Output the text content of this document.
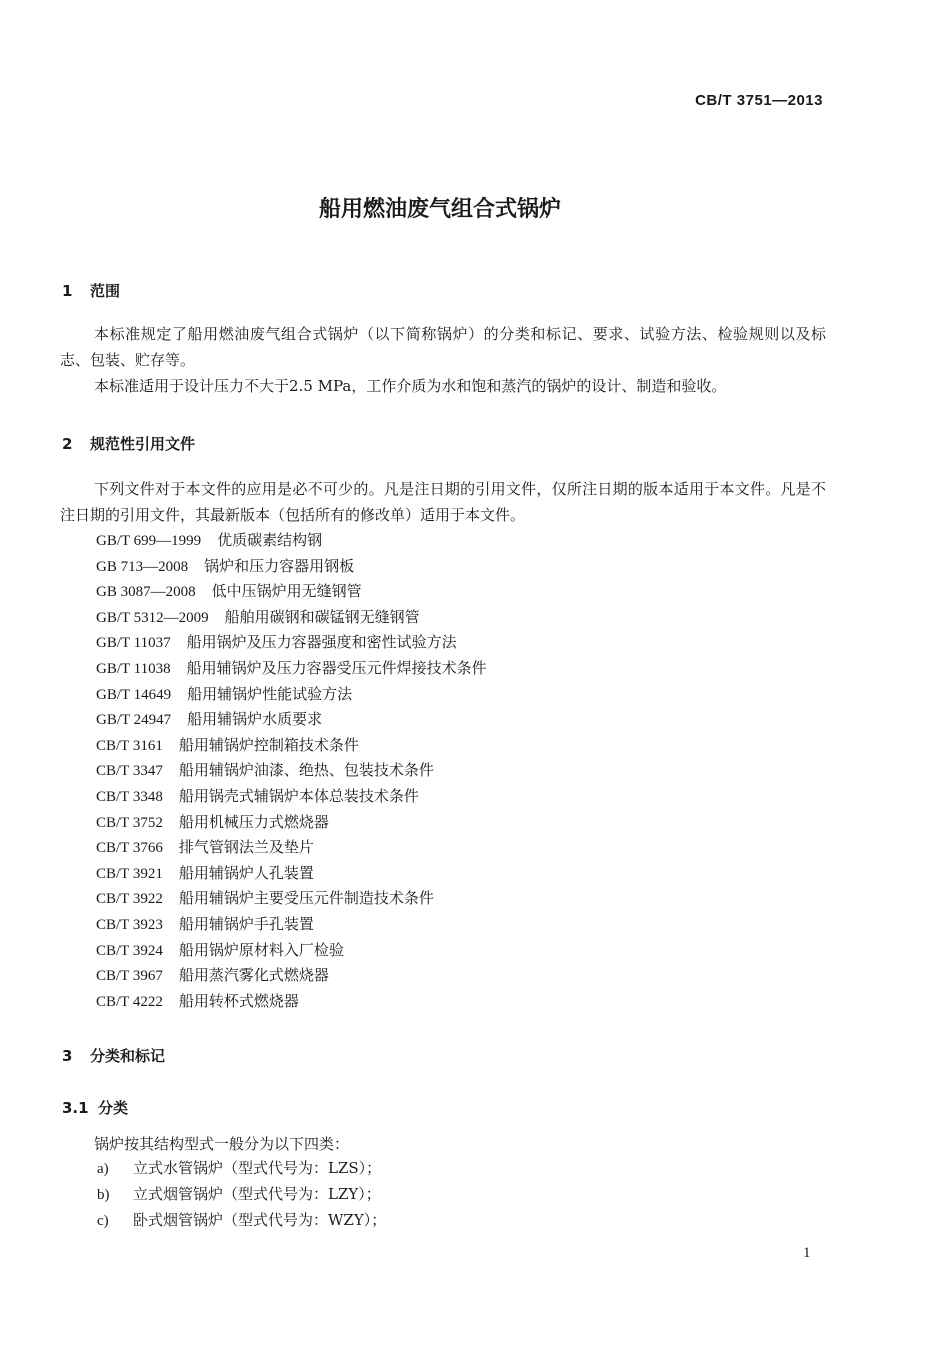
CB/T 3751—2013
船用燃油废气组合式锅炉
1 范围

本标准规定了船用燃油废气组合式锅炉（以下简称锅炉）的分类和标记、要求、试验方法、检验规则以及标志、包装、贮存等。

本标准适用于设计压力不大于2.5 MPa，工作介质为水和饱和蒸汽的锅炉的设计、制造和验收。

2 规范性引用文件

下列文件对于本文件的应用是必不可少的。凡是注日期的引用文件，仅所注日期的版本适用于本文件。凡是不注日期的引用文件，其最新版本（包括所有的修改单）适用于本文件。

GB/T 699—1999 优质碳素结构钢
GB 713—2008 锅炉和压力容器用钢板
GB 3087—2008 低中压锅炉用无缝钢管
GB/T 5312—2009 船舶用碳钢和碳锰钢无缝钢管
GB/T 11037 船用锅炉及压力容器强度和密性试验方法
GB/T 11038 船用辅锅炉及压力容器受压元件焊接技术条件
GB/T 14649 船用辅锅炉性能试验方法
GB/T 24947 船用辅锅炉水质要求
CB/T 3161 船用辅锅炉控制箱技术条件
CB/T 3347 船用辅锅炉油漆、绝热、包装技术条件
CB/T 3348 船用锅壳式辅锅炉本体总装技术条件
CB/T 3752 船用机械压力式燃烧器
CB/T 3766 排气管钢法兰及垫片
CB/T 3921 船用辅锅炉人孔装置
CB/T 3922 船用辅锅炉主要受压元件制造技术条件
CB/T 3923 船用辅锅炉手孔装置
CB/T 3924 船用锅炉原材料入厂检验
CB/T 3967 船用蒸汽雾化式燃烧器
CB/T 4222 船用转杯式燃烧器
3 分类和标记
3.1 分类

锅炉按其结构型式一般分为以下四类：

a) 立式水管锅炉（型式代号为：LZS）；
b) 立式烟管锅炉（型式代号为：LZY）；
c) 卧式烟管锅炉（型式代号为：WZY）；
1
